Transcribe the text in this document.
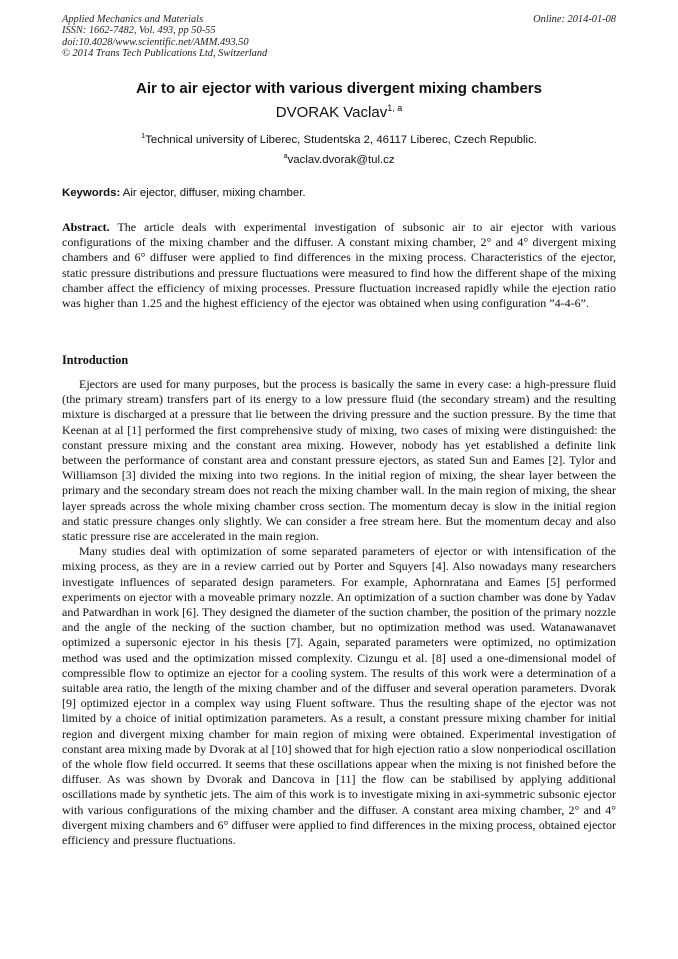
Applied Mechanics and Materials
ISSN: 1662-7482, Vol. 493, pp 50-55
doi:10.4028/www.scientific.net/AMM.493.50
© 2014 Trans Tech Publications Ltd, Switzerland
Online: 2014-01-08
Air to air ejector with various divergent mixing chambers
DVORAK Vaclav$^{1, a}$
$^1$Technical university of Liberec, Studentska 2, 46117 Liberec, Czech Republic.
$^a$vaclav.dvorak@tul.cz
Keywords: Air ejector, diffuser, mixing chamber.
Abstract. The article deals with experimental investigation of subsonic air to air ejector with various configurations of the mixing chamber and the diffuser. A constant mixing chamber, 2° and 4° divergent mixing chambers and 6° diffuser were applied to find differences in the mixing process. Characteristics of the ejector, static pressure distributions and pressure fluctuations were measured to find how the different shape of the mixing chamber affect the efficiency of mixing processes. Pressure fluctuation increased rapidly while the ejection ratio was higher than 1.25 and the highest efficiency of the ejector was obtained when using configuration ”4-4-6”.
Introduction

Ejectors are used for many purposes, but the process is basically the same in every case: a high-pressure fluid (the primary stream) transfers part of its energy to a low pressure fluid (the secondary stream) and the resulting mixture is discharged at a pressure that lie between the driving pressure and the suction pressure. By the time that Keenan at al [1] performed the first comprehensive study of mixing, two cases of mixing were distinguished: the constant pressure mixing and the constant area mixing. However, nobody has yet established a definite link between the performance of constant area and constant pressure ejectors, as stated Sun and Eames [2]. Tylor and Williamson [3] divided the mixing into two regions. In the initial region of mixing, the shear layer between the primary and the secondary stream does not reach the mixing chamber wall. In the main region of mixing, the shear layer spreads across the whole mixing chamber cross section. The momentum decay is slow in the initial region and static pressure changes only slightly. We can consider a free stream here. But the momentum decay and also static pressure rise are accelerated in the main region.

Many studies deal with optimization of some separated parameters of ejector or with intensification of the mixing process, as they are in a review carried out by Porter and Squyers [4]. Also nowadays many researchers investigate influences of separated design parameters. For example, Aphornratana and Eames [5] performed experiments on ejector with a moveable primary nozzle. An optimization of a suction chamber was done by Yadav and Patwardhan in work [6]. They designed the diameter of the suction chamber, the position of the primary nozzle and the angle of the necking of the suction chamber, but no optimization method was used. Watanawanavet optimized a supersonic ejector in his thesis [7]. Again, separated parameters were optimized, no optimization method was used and the optimization missed complexity. Cizungu et al. [8] used a one-dimensional model of compressible flow to optimize an ejector for a cooling system. The results of this work were a determination of a suitable area ratio, the length of the mixing chamber and of the diffuser and several operation parameters. Dvorak [9] optimized ejector in a complex way using Fluent software. Thus the resulting shape of the ejector was not limited by a choice of initial optimization parameters. As a result, a constant pressure mixing chamber for initial region and divergent mixing chamber for main region of mixing were obtained. Experimental investigation of constant area mixing made by Dvorak at al [10] showed that for high ejection ratio a slow nonperiodical oscillation of the whole flow field occurred. It seems that these oscillations appear when the mixing is not finished before the diffuser. As was shown by Dvorak and Dancova in [11] the flow can be stabilised by applying additional oscillations made by synthetic jets. The aim of this work is to investigate mixing in axi-symmetric subsonic ejector with various configurations of the mixing chamber and the diffuser. A constant area mixing chamber, 2° and 4° divergent mixing chambers and 6° diffuser were applied to find differences in the mixing process, obtained ejector efficiency and pressure fluctuations.
